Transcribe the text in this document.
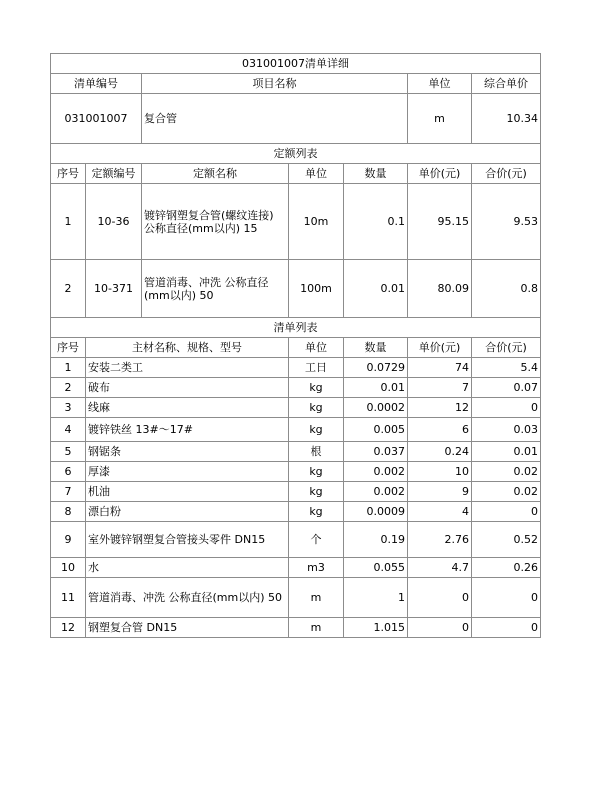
031001007清单详细						
清单编号		项目名称			单位	综合单价
031001007		复合管			m	10.34
定额列表						
序号	定额编号	定额名称	单位	数量	单价(元)	合价(元)
1	10-36	镀锌钢塑复合管(螺纹连接) 公称直径(mm以内) 15	10m	0.1	95.15	9.53
2	10-371	管道消毒、冲洗 公称直径(mm以内) 50	100m	0.01	80.09	0.8
清单列表						
序号	主材名称、规格、型号		单位	数量	单价(元)	合价(元)
1	安装二类工		工日	0.0729	74	5.4
2	破布		kg	0.01	7	0.07
3	线麻		kg	0.0002	12	0
4	镀锌铁丝 13#～17#		kg	0.005	6	0.03
5	钢锯条		根	0.037	0.24	0.01
6	厚漆		kg	0.002	10	0.02
7	机油		kg	0.002	9	0.02
8	漂白粉		kg	0.0009	4	0
9	室外镀锌钢塑复合管接头零件 DN15		个	0.19	2.76	0.52
10	水		m3	0.055	4.7	0.26
11	管道消毒、冲洗 公称直径(mm以内) 50		m	1	0	0
12	钢塑复合管 DN15		m	1.015	0	0
